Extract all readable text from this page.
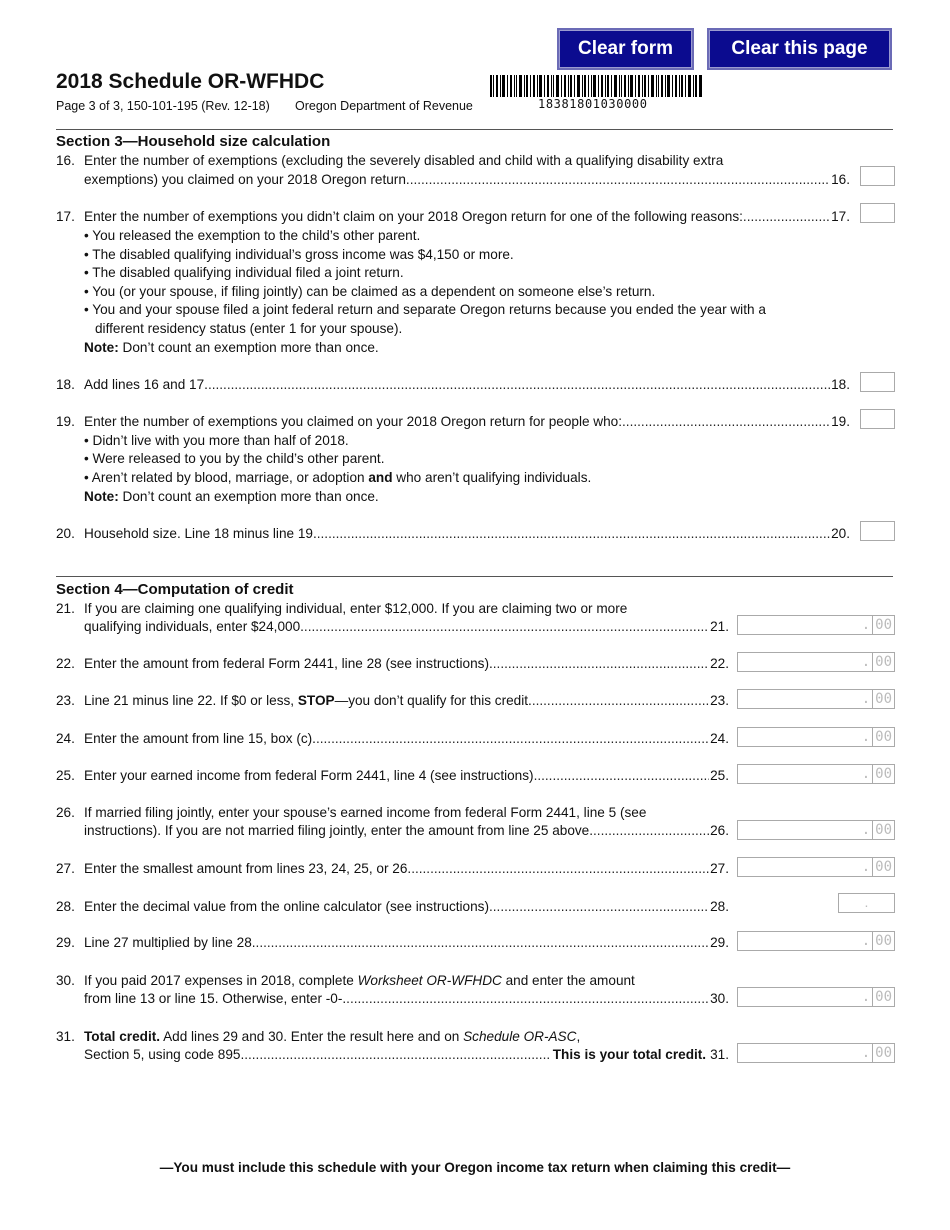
Clear form	Clear this page
2018 Schedule OR-WFHDC
Page 3 of 3, 150-101-195 (Rev. 12-18) Oregon Department of Revenue	18381801030000
Section 3—Household size calculation
16. Enter the number of exemptions (excluding the severely disabled and child with a qualifying disability extra
exemptions) you claimed on your 2018 Oregon return. .....	16.
17. Enter the number of exemptions you didn’t claim on your 2018 Oregon return for one of the following reasons: .....	17.
• You released the exemption to the child’s other parent.
• The disabled qualifying individual’s gross income was $4,150 or more.
• The disabled qualifying individual filed a joint return.
• You (or your spouse, if filing jointly) can be claimed as a dependent on someone else’s return.
• You and your spouse filed a joint federal return and separate Oregon returns because you ended the year with a
different residency status (enter 1 for your spouse).
Note: Don’t count an exemption more than once.
18. Add lines 16 and 17. .....	18.
19. Enter the number of exemptions you claimed on your 2018 Oregon return for people who: .....	19.
• Didn’t live with you more than half of 2018.
• Were released to you by the child’s other parent.
• Aren’t related by blood, marriage, or adoption and who aren’t qualifying individuals.
Note: Don’t count an exemption more than once.
20. Household size. Line 18 minus line 19. .....	20.
Section 4—Computation of credit
21. If you are claiming one qualifying individual, enter $12,000. If you are claiming two or more
qualifying individuals, enter $24,000. .....	21.	. 00
22. Enter the amount from federal Form 2441, line 28 (see instructions). .....	22.	. 00
23. Line 21 minus line 22. If $0 or less, STOP—you don’t qualify for this credit. .....	23.	. 00
24. Enter the amount from line 15, box (c). .....	24.	. 00
25. Enter your earned income from federal Form 2441, line 4 (see instructions) .....	25.	. 00
26. If married filing jointly, enter your spouse’s earned income from federal Form 2441, line 5 (see
instructions). If you are not married filing jointly, enter the amount from line 25 above. .....	26.	. 00
27. Enter the smallest amount from lines 23, 24, 25, or 26. .....	27.	. 00
28. Enter the decimal value from the online calculator (see instructions) .....	28.	.
29. Line 27 multiplied by line 28. .....	29.	. 00
30. If you paid 2017 expenses in 2018, complete Worksheet OR-WFHDC and enter the amount
from line 13 or line 15. Otherwise, enter -0-. .....	30.	. 00
31. Total credit. Add lines 29 and 30. Enter the result here and on Schedule OR-ASC,
Section 5, using code 895. .....	This is your total credit. 31.	. 00
—You must include this schedule with your Oregon income tax return when claiming this credit—
